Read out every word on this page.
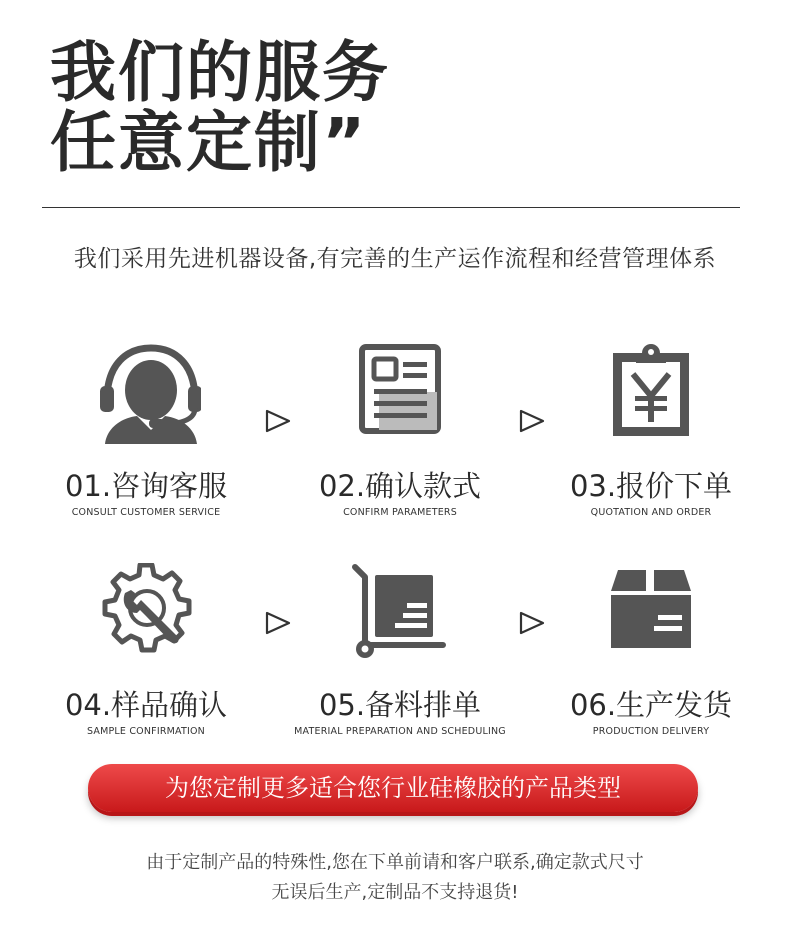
我们的服务
任意定制”
我们采用先进机器设备,有完善的生产运作流程和经营管理体系
01.咨询客服
CONSULT CUSTOMER SERVICE
02.确认款式
CONFIRM PARAMETERS
03.报价下单
QUOTATION AND ORDER
04.样品确认
SAMPLE CONFIRMATION
05.备料排单
MATERIAL PREPARATION AND SCHEDULING
06.生产发货
PRODUCTION DELIVERY
为您定制更多适合您行业硅橡胶的产品类型
由于定制产品的特殊性,您在下单前请和客户联系,确定款式尺寸
无误后生产,定制品不支持退货!
